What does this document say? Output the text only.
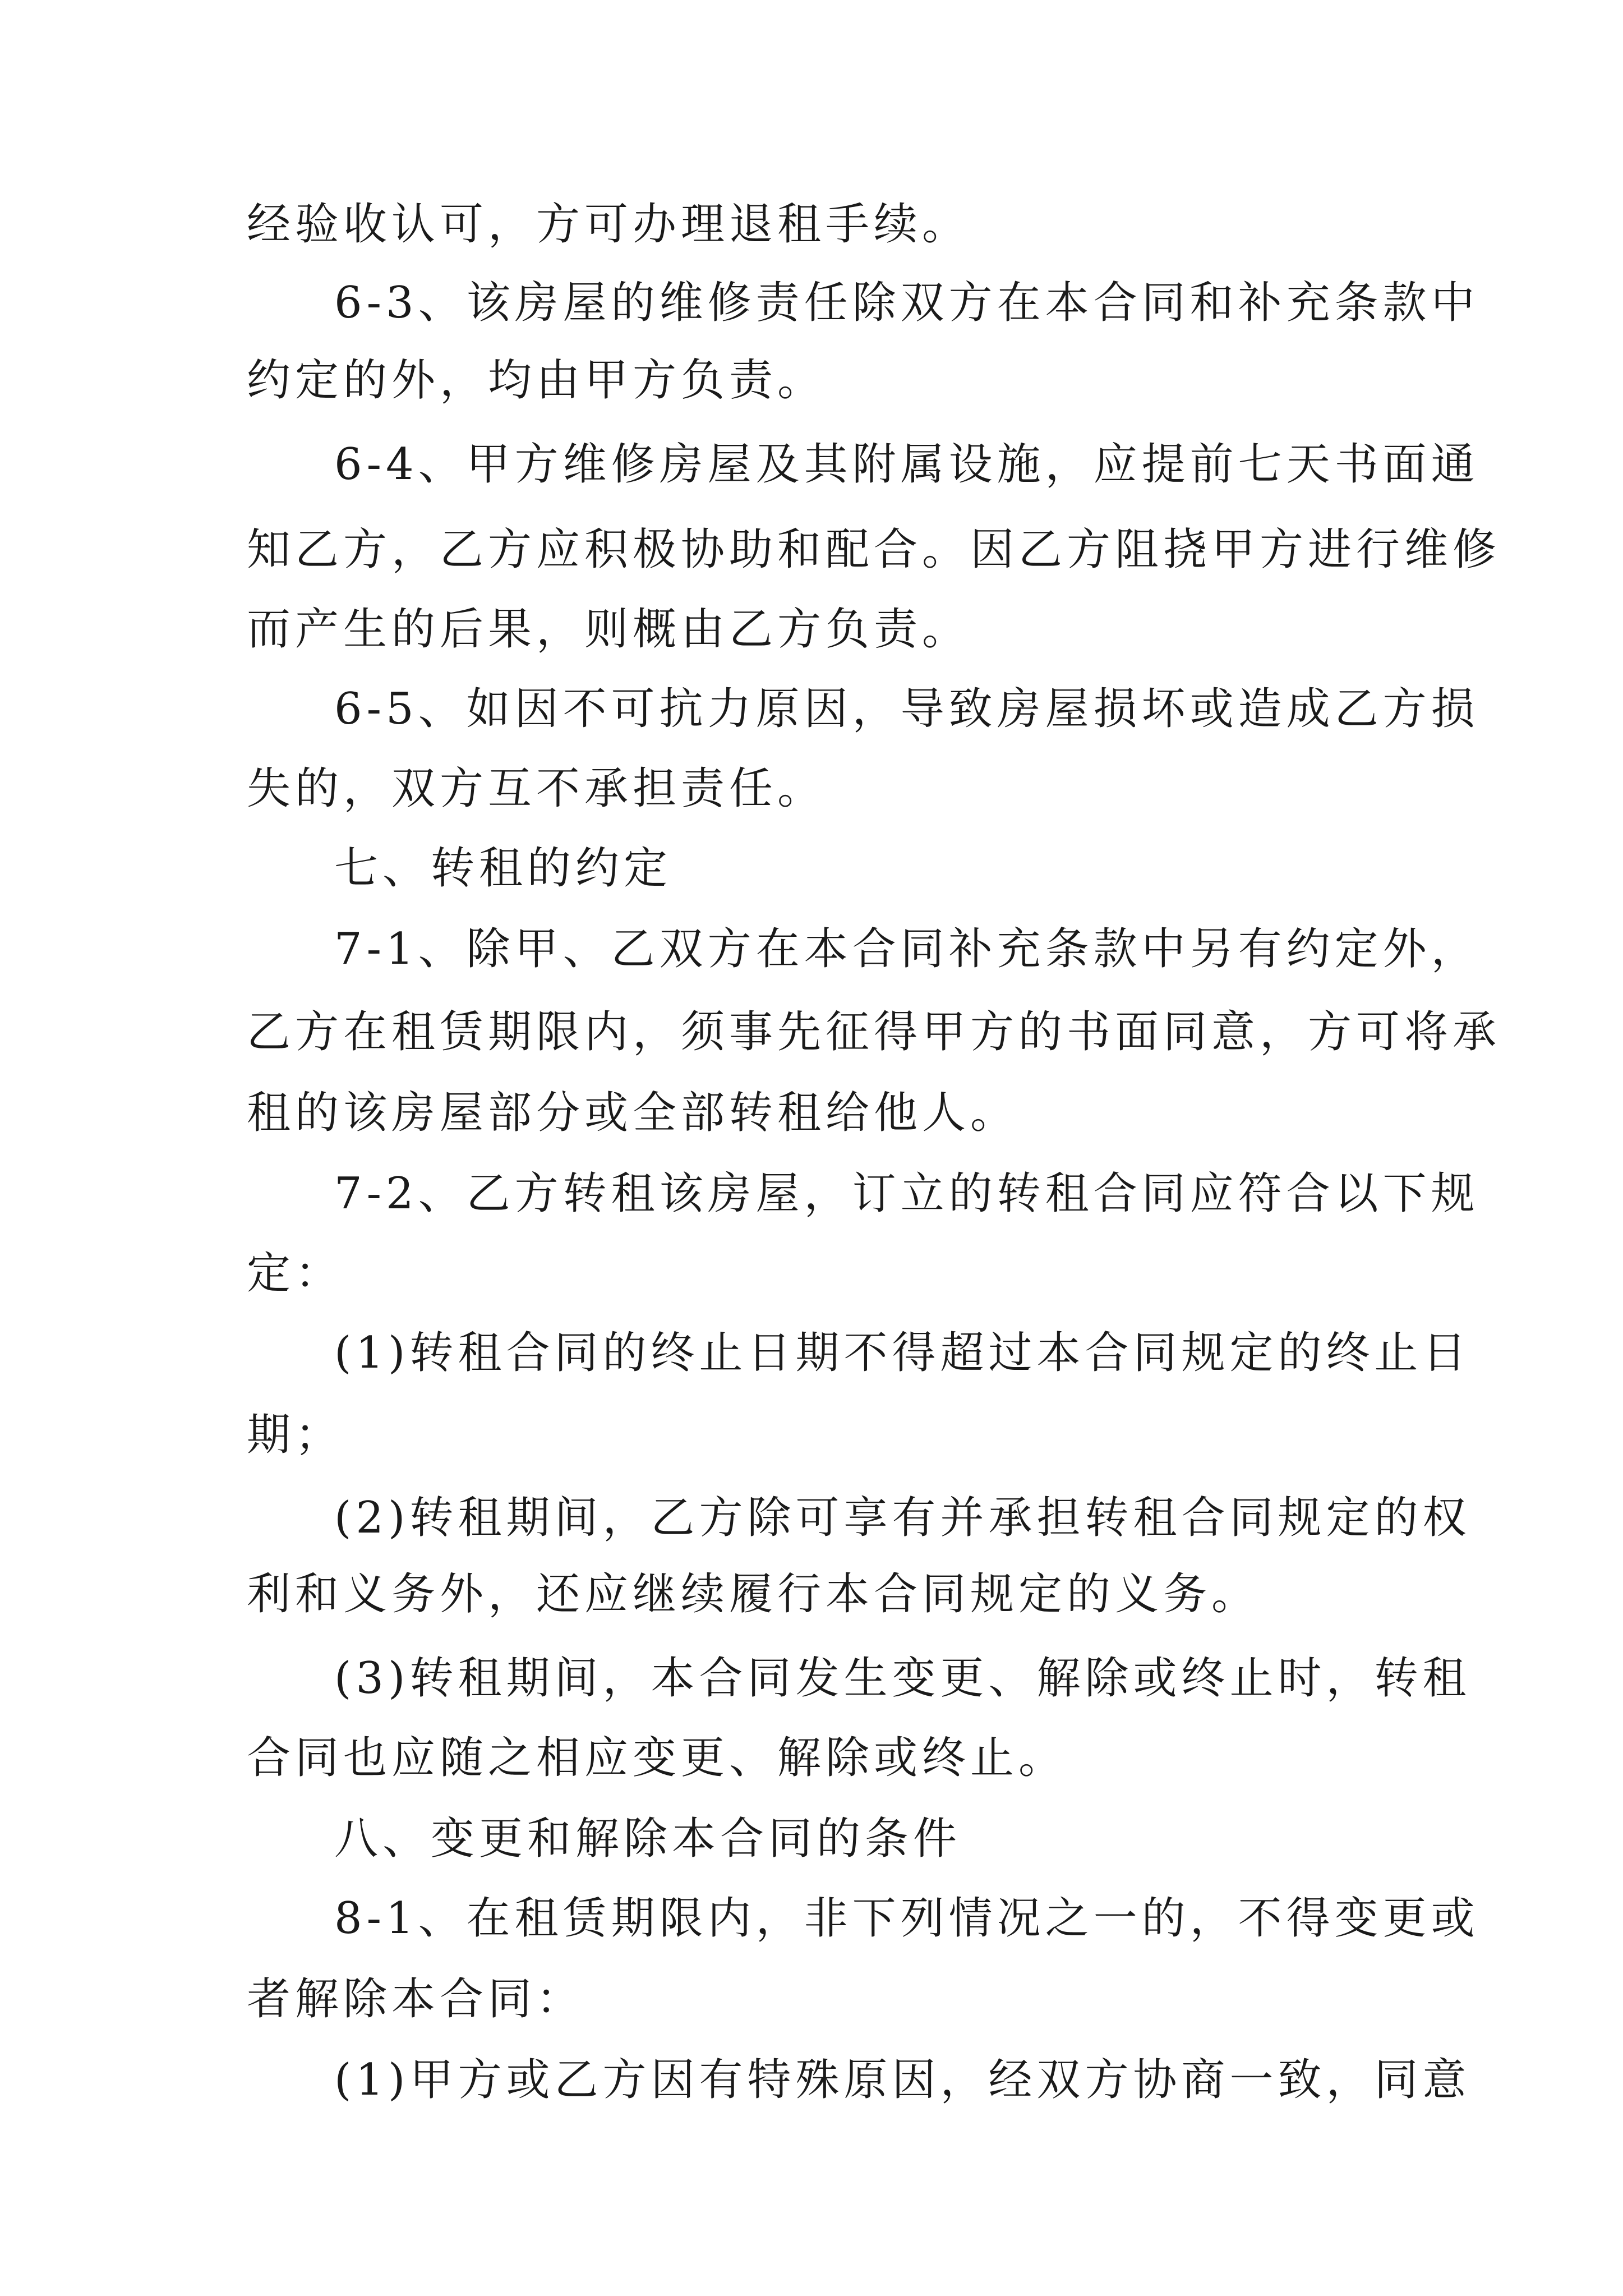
经验收认可，方可办理退租手续。
6-3、该房屋的维修责任除双方在本合同和补充条款中
约定的外，均由甲方负责。
6-4、甲方维修房屋及其附属设施，应提前七天书面通
知乙方，乙方应积极协助和配合。因乙方阻挠甲方进行维修
而产生的后果，则概由乙方负责。
6-5、如因不可抗力原因，导致房屋损坏或造成乙方损
失的，双方互不承担责任。
七、转租的约定
7-1、除甲、乙双方在本合同补充条款中另有约定外，
乙方在租赁期限内，须事先征得甲方的书面同意，方可将承
租的该房屋部分或全部转租给他人。
7-2、乙方转租该房屋，订立的转租合同应符合以下规
定：
(1)转租合同的终止日期不得超过本合同规定的终止日
期；
(2)转租期间，乙方除可享有并承担转租合同规定的权
利和义务外，还应继续履行本合同规定的义务。
(3)转租期间，本合同发生变更、解除或终止时，转租
合同也应随之相应变更、解除或终止。
八、变更和解除本合同的条件
8-1、在租赁期限内，非下列情况之一的，不得变更或
者解除本合同：
(1)甲方或乙方因有特殊原因，经双方协商一致，同意
